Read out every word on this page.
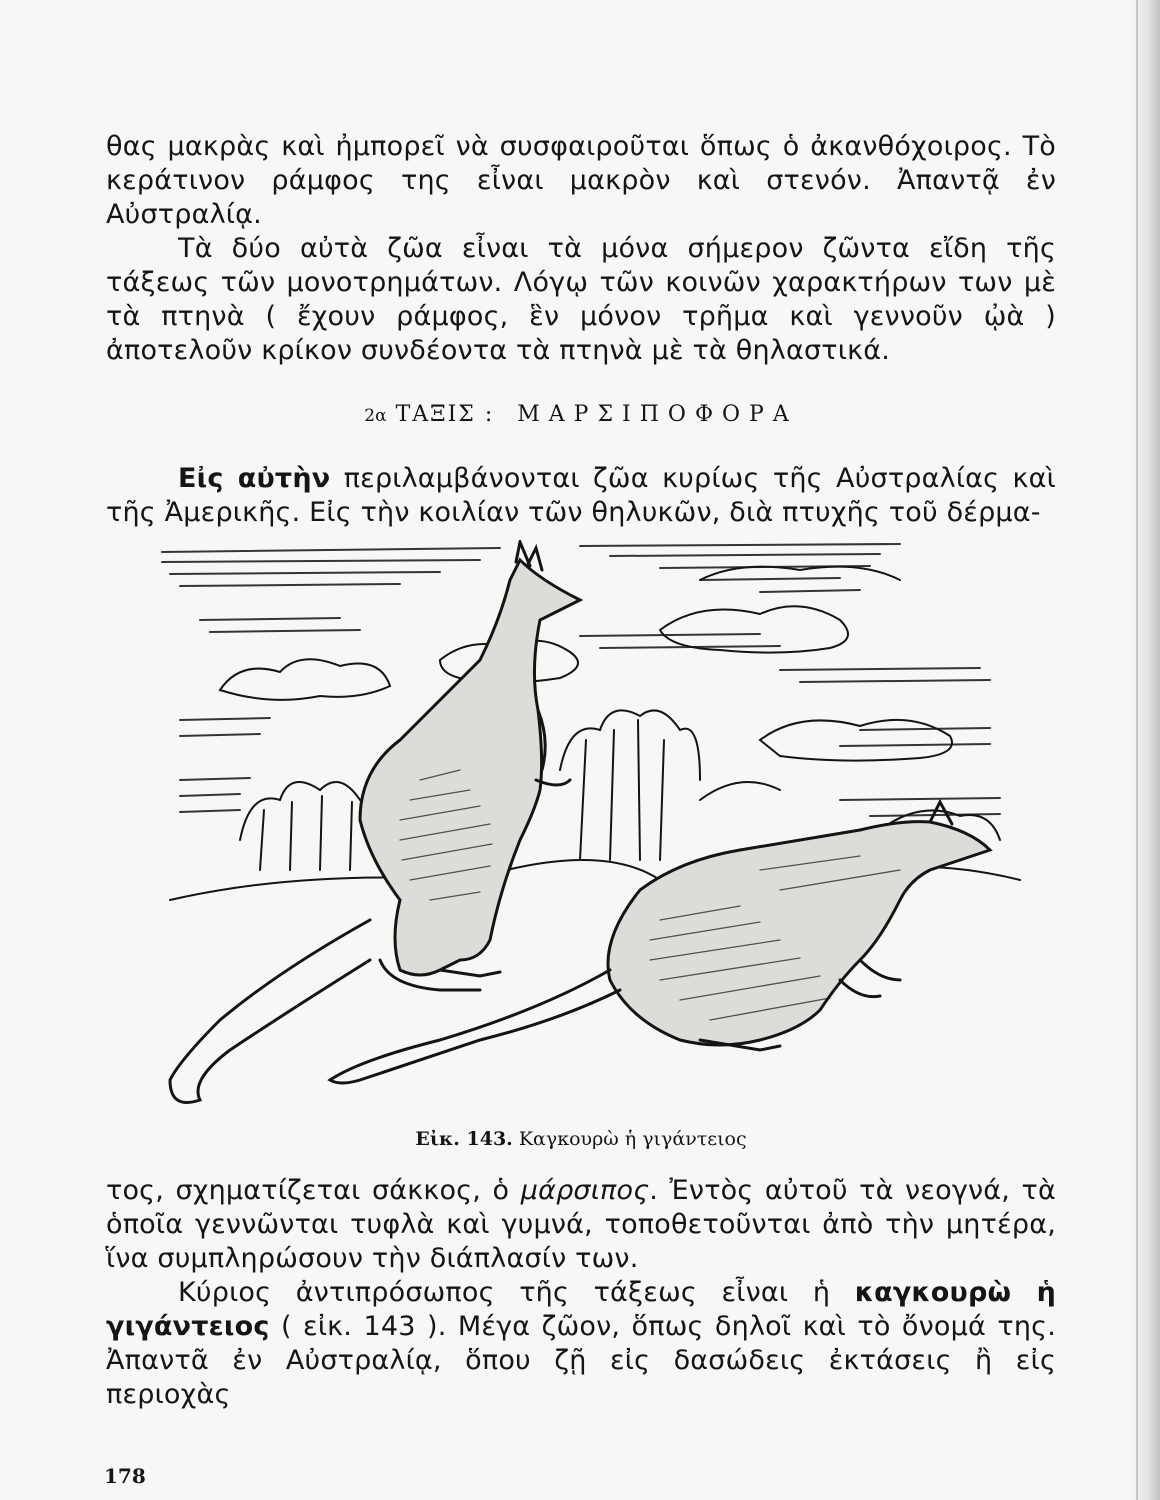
θας μακρὰς καὶ ἠμπορεῖ νὰ συσφαιροῦται ὅπως ὁ ἀκανθόχοιρος. Τὸ κεράτινον ράμφος της εἶναι μακρὸν καὶ στενόν. Ἀπαντᾷ ἐν Αὐστραλίᾳ.

Τὰ δύο αὐτὰ ζῶα εἶναι τὰ μόνα σήμερον ζῶντα εἴδη τῆς τάξεως τῶν μονοτρημάτων. Λόγῳ τῶν κοινῶν χαρακτήρων των μὲ τὰ πτηνὰ ( ἔχουν ράμφος, ἓν μόνον τρῆμα καὶ γεννοῦν ᾠὰ ) ἀποτελοῦν κρίκον συνδέοντα τὰ πτηνὰ μὲ τὰ θηλαστικά.

2α ΤΑΞΙΣ : ΜΑΡΣΙΠΟΦΟΡΑ

Εἰς αὐτὴν περιλαμβάνονται ζῶα κυρίως τῆς Αὐστραλίας καὶ τῆς Ἀμερικῆς. Εἰς τὴν κοιλίαν τῶν θηλυκῶν, διὰ πτυχῆς τοῦ δέρμα-

Εἰκ. 143. Καγκουρὼ ἡ γιγάντειος

τος, σχηματίζεται σάκκος, ὁ μάρσιπος. Ἐντὸς αὐτοῦ τὰ νεογνά, τὰ ὁποῖα γεννῶνται τυφλὰ καὶ γυμνά, τοποθετοῦνται ἀπὸ τὴν μητέρα, ἵνα συμπληρώσουν τὴν διάπλασίν των.

Κύριος ἀντιπρόσωπος τῆς τάξεως εἶναι ἡ καγκουρὼ ἡ γιγάντειος ( εἰκ. 143 ). Μέγα ζῶον, ὅπως δηλοῖ καὶ τὸ ὄνομά της. Ἀπαντᾶ ἐν Αὐστραλίᾳ, ὅπου ζῇ εἰς δασώδεις ἐκτάσεις ἢ εἰς περιοχὰς

178
